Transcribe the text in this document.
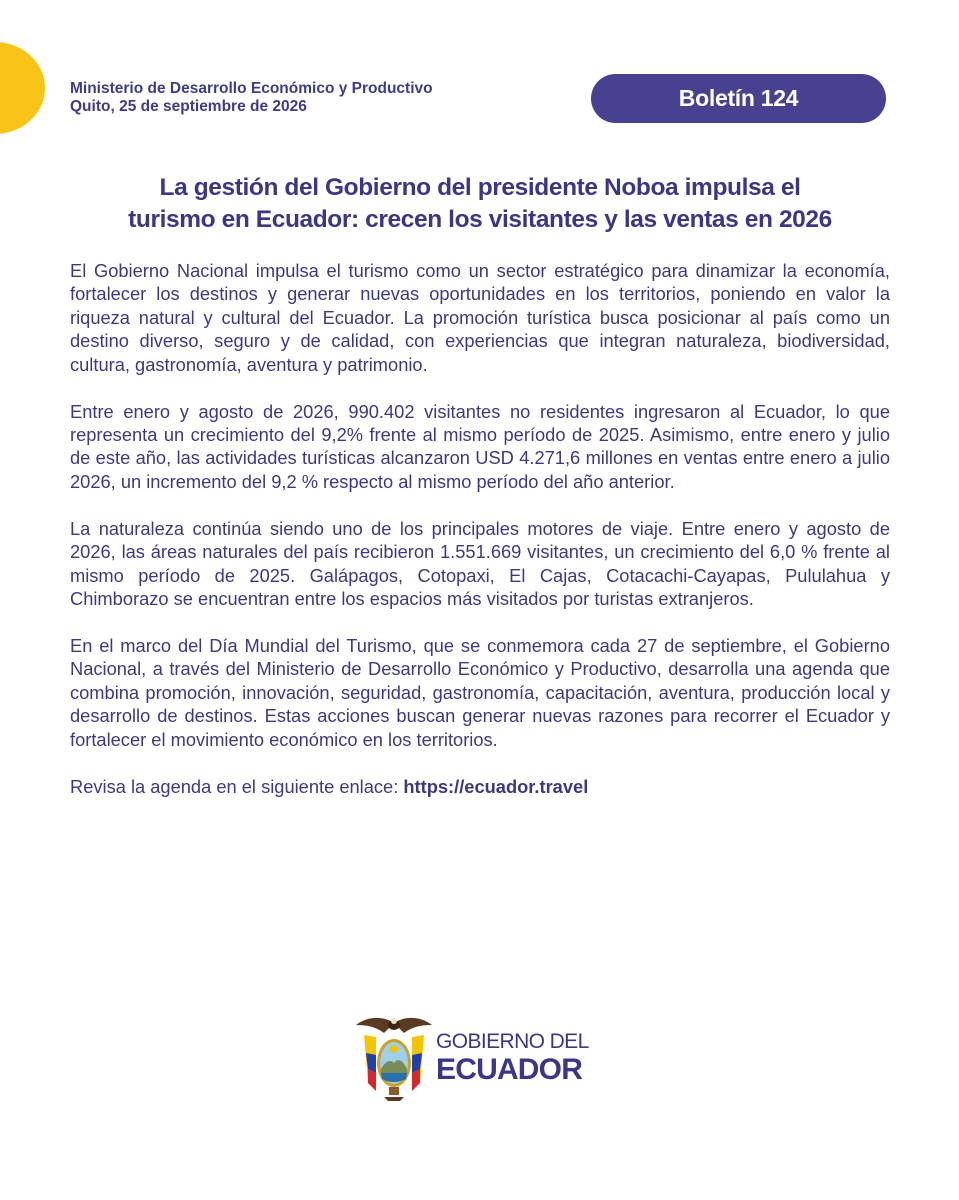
Ministerio de Desarrollo Económico y Productivo
Quito, 25 de septiembre de 2026	Boletín 124
La gestión del Gobierno del presidente Noboa impulsa el
turismo en Ecuador: crecen los visitantes y las ventas en 2026

El Gobierno Nacional impulsa el turismo como un sector estratégico para dinamizar la economía, fortalecer los destinos y generar nuevas oportunidades en los territorios, poniendo en valor la riqueza natural y cultural del Ecuador. La promoción turística busca posicionar al país como un destino diverso, seguro y de calidad, con experiencias que integran naturaleza, biodiversidad, cultura, gastronomía, aventura y patrimonio.

Entre enero y agosto de 2026, 990.402 visitantes no residentes ingresaron al Ecuador, lo que representa un crecimiento del 9,2% frente al mismo período de 2025. Asimismo, entre enero y julio de este año, las actividades turísticas alcanzaron USD 4.271,6 millones en ventas entre enero a julio 2026, un incremento del 9,2 % respecto al mismo período del año anterior.

La naturaleza continúa siendo uno de los principales motores de viaje. Entre enero y agosto de 2026, las áreas naturales del país recibieron 1.551.669 visitantes, un crecimiento del 6,0 % frente al mismo período de 2025. Galápagos, Cotopaxi, El Cajas, Cotacachi-Cayapas, Pululahua y Chimborazo se encuentran entre los espacios más visitados por turistas extranjeros.

En el marco del Día Mundial del Turismo, que se conmemora cada 27 de septiembre, el Gobierno Nacional, a través del Ministerio de Desarrollo Económico y Productivo, desarrolla una agenda que combina promoción, innovación, seguridad, gastronomía, capacitación, aventura, producción local y desarrollo de destinos. Estas acciones buscan generar nuevas razones para recorrer el Ecuador y fortalecer el movimiento económico en los territorios.

Revisa la agenda en el siguiente enlace: https://ecuador.travel

GOBIERNO DEL
ECUADOR
